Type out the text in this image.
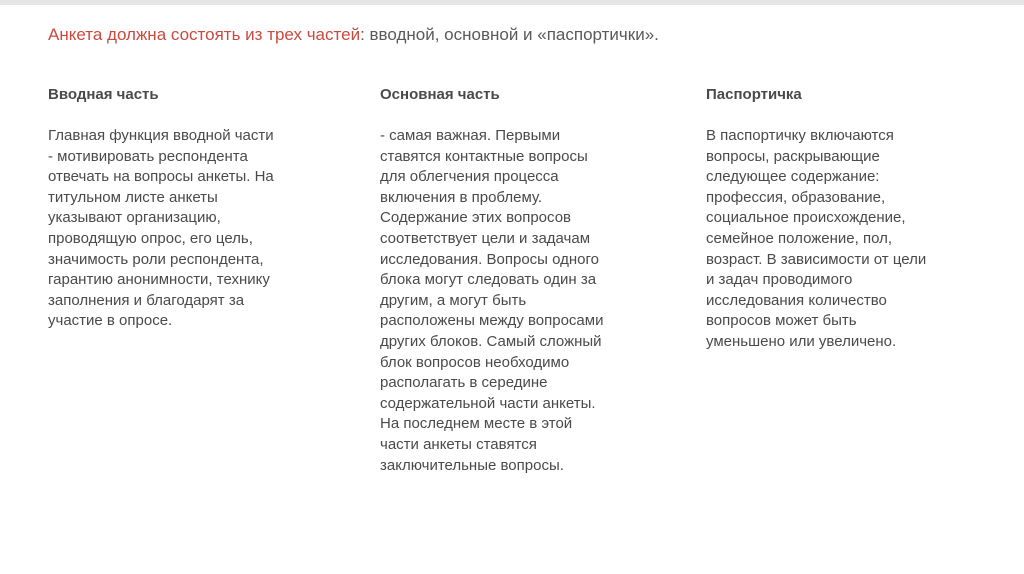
Анкета должна состоять из трех частей: вводной, основной и «паспортички».

Вводная часть

Главная функция вводной части
- мотивировать респондента
отвечать на вопросы анкеты. На
титульном листе анкеты
указывают организацию,
проводящую опрос, его цель,
значимость роли респондента,
гарантию анонимности, технику
заполнения и благодарят за
участие в опросе.

Основная часть

- самая важная. Первыми
ставятся контактные вопросы
для облегчения процесса
включения в проблему.
Содержание этих вопросов
соответствует цели и задачам
исследования. Вопросы одного
блока могут следовать один за
другим, а могут быть
расположены между вопросами
других блоков. Самый сложный
блок вопросов необходимо
располагать в середине
содержательной части анкеты.
На последнем месте в этой
части анкеты ставятся
заключительные вопросы.

Паспортичка

В паспортичку включаются
вопросы, раскрывающие
следующее содержание:
профессия, образование,
социальное происхождение,
семейное положение, пол,
возраст. В зависимости от цели
и задач проводимого
исследования количество
вопросов может быть
уменьшено или увеличено.
